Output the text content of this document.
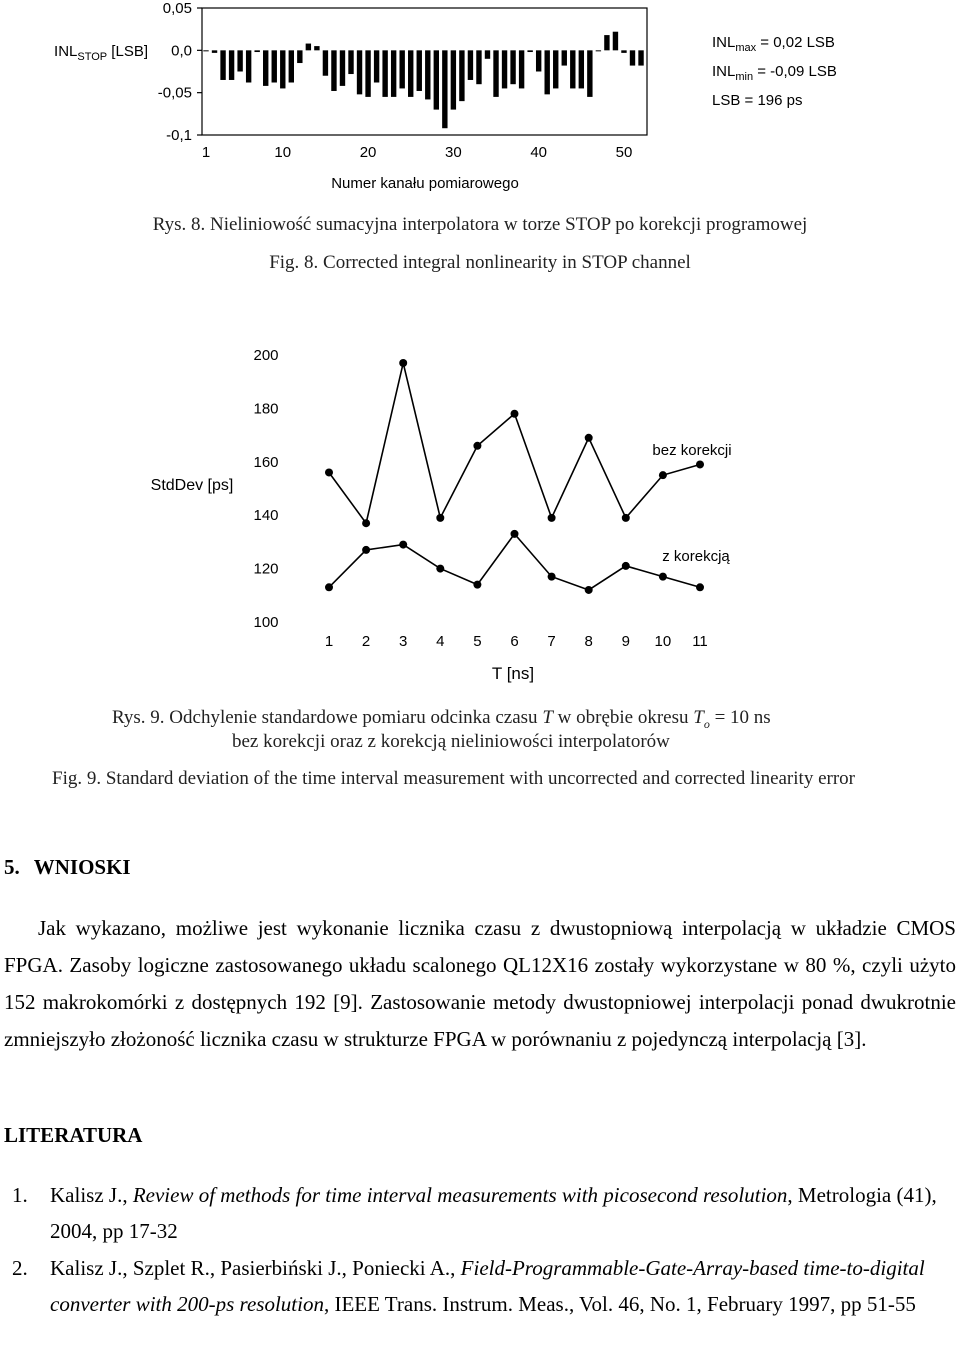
0,05
0,0
-0,05
-0,1
1	10	20	30	40	50
$INL_{STOP}$ [LSB]
Numer kanału pomiarowego
$INL_{max} = 0,02$ LSB
$INL_{min} = -0,09$ LSB
LSB = 196 ps
Rys. 8. Nieliniowość sumacyjna interpolatora w torze STOP po korekcji programowej
Fig. 8. Corrected integral nonlinearity in STOP channel
200
180
160
140
120
100
1 2 3 4 5 6 7 8 9 10 11
StdDev [ps]
T [ns]
bez korekcji
z korekcją
Rys. 9. Odchylenie standardowe pomiaru odcinka czasu T w obrębie okresu $T_o = 10$ ns
bez korekcji oraz z korekcją nieliniowości interpolatorów
Fig. 9. Standard deviation of the time interval measurement with uncorrected and corrected linearity error
5. WNIOSKI
Jak wykazano, możliwe jest wykonanie licznika czasu z dwustopniową interpolacją w układzie CMOS FPGA. Zasoby logiczne zastosowanego układu scalonego QL12X16 zostały wykorzystane w 80 %, czyli użyto 152 makrokomórki z dostępnych 192 [9]. Zastosowanie metody dwustopniowej interpolacji ponad dwukrotnie zmniejszyło złożoność licznika czasu w strukturze FPGA w porównaniu z pojedynczą interpolacją [3].
LITERATURA
1.	Kalisz J., Review of methods for time interval measurements with picosecond resolution, Metrologia (41), 2004, pp 17-32
2.	Kalisz J., Szplet R., Pasierbiński J., Poniecki A., Field-Programmable-Gate-Array-based time-to-digital converter with 200-ps resolution, IEEE Trans. Instrum. Meas., Vol. 46, No. 1, February 1997, pp 51-55
